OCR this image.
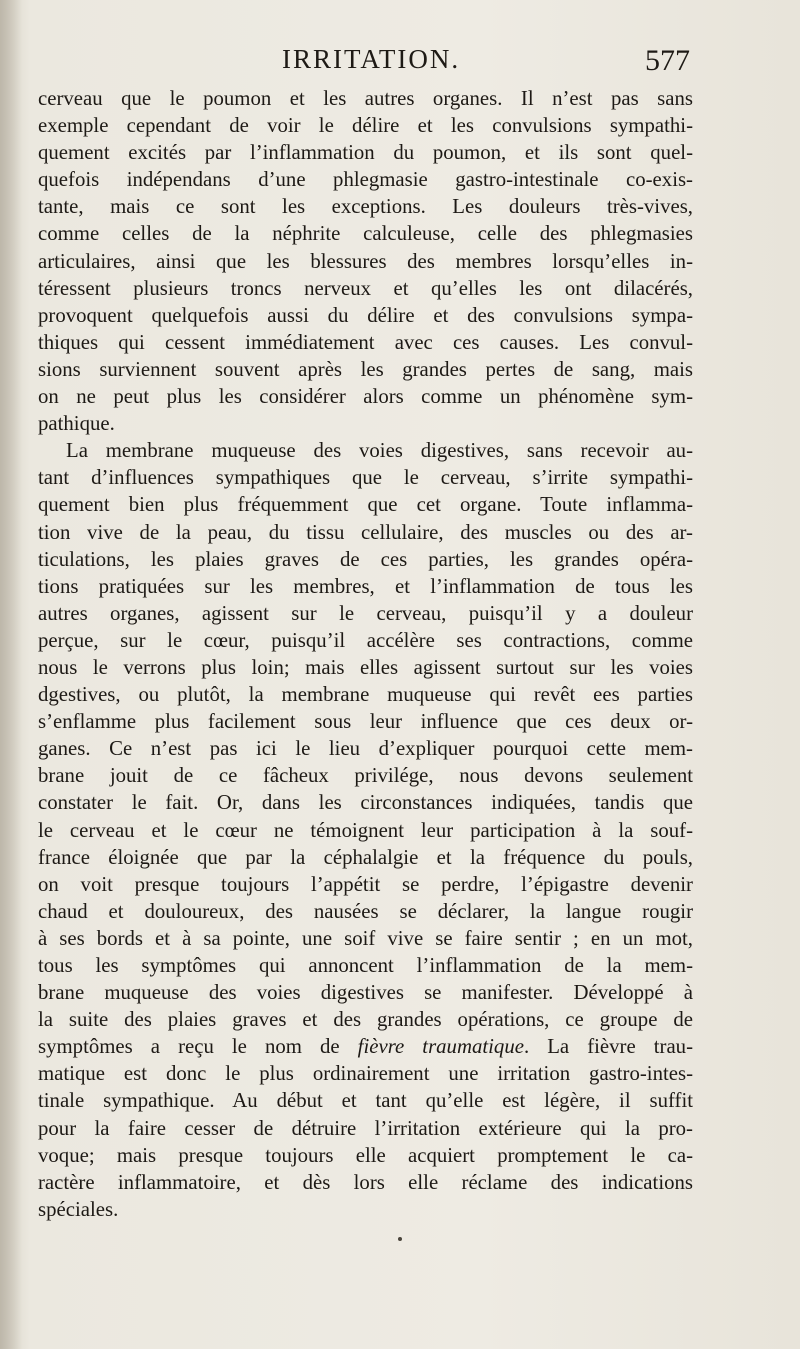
IRRITATION.	577
cerveau que le poumon et les autres organes. Il n’est pas sans
exemple cependant de voir le délire et les convulsions sympathi-
quement excités par l’inflammation du poumon, et ils sont quel-
quefois indépendans d’une phlegmasie gastro-intestinale co-exis-
tante, mais ce sont les exceptions. Les douleurs très-vives,
comme celles de la néphrite calculeuse, celle des phlegmasies
articulaires, ainsi que les blessures des membres lorsqu’elles in-
téressent plusieurs troncs nerveux et qu’elles les ont dilacérés,
provoquent quelquefois aussi du délire et des convulsions sympa-
thiques qui cessent immédiatement avec ces causes. Les convul-
sions surviennent souvent après les grandes pertes de sang, mais
on ne peut plus les considérer alors comme un phénomène sym-
pathique.
La membrane muqueuse des voies digestives, sans recevoir au-
tant d’influences sympathiques que le cerveau, s’irrite sympathi-
quement bien plus fréquemment que cet organe. Toute inflamma-
tion vive de la peau, du tissu cellulaire, des muscles ou des ar-
ticulations, les plaies graves de ces parties, les grandes opéra-
tions pratiquées sur les membres, et l’inflammation de tous les
autres organes, agissent sur le cerveau, puisqu’il y a douleur
perçue, sur le cœur, puisqu’il accélère ses contractions, comme
nous le verrons plus loin; mais elles agissent surtout sur les voies
dgestives, ou plutôt, la membrane muqueuse qui revêt ees parties
s’enflamme plus facilement sous leur influence que ces deux or-
ganes. Ce n’est pas ici le lieu d’expliquer pourquoi cette mem-
brane jouit de ce fâcheux privilége, nous devons seulement
constater le fait. Or, dans les circonstances indiquées, tandis que
le cerveau et le cœur ne témoignent leur participation à la souf-
france éloignée que par la céphalalgie et la fréquence du pouls,
on voit presque toujours l’appétit se perdre, l’épigastre devenir
chaud et douloureux, des nausées se déclarer, la langue rougir
à ses bords et à sa pointe, une soif vive se faire sentir ; en un mot,
tous les symptômes qui annoncent l’inflammation de la mem-
brane muqueuse des voies digestives se manifester. Développé à
la suite des plaies graves et des grandes opérations, ce groupe de
symptômes a reçu le nom de fièvre traumatique. La fièvre trau-
matique est donc le plus ordinairement une irritation gastro-intes-
tinale sympathique. Au début et tant qu’elle est légère, il suffit
pour la faire cesser de détruire l’irritation extérieure qui la pro-
voque; mais presque toujours elle acquiert promptement le ca-
ractère inflammatoire, et dès lors elle réclame des indications
spéciales.
